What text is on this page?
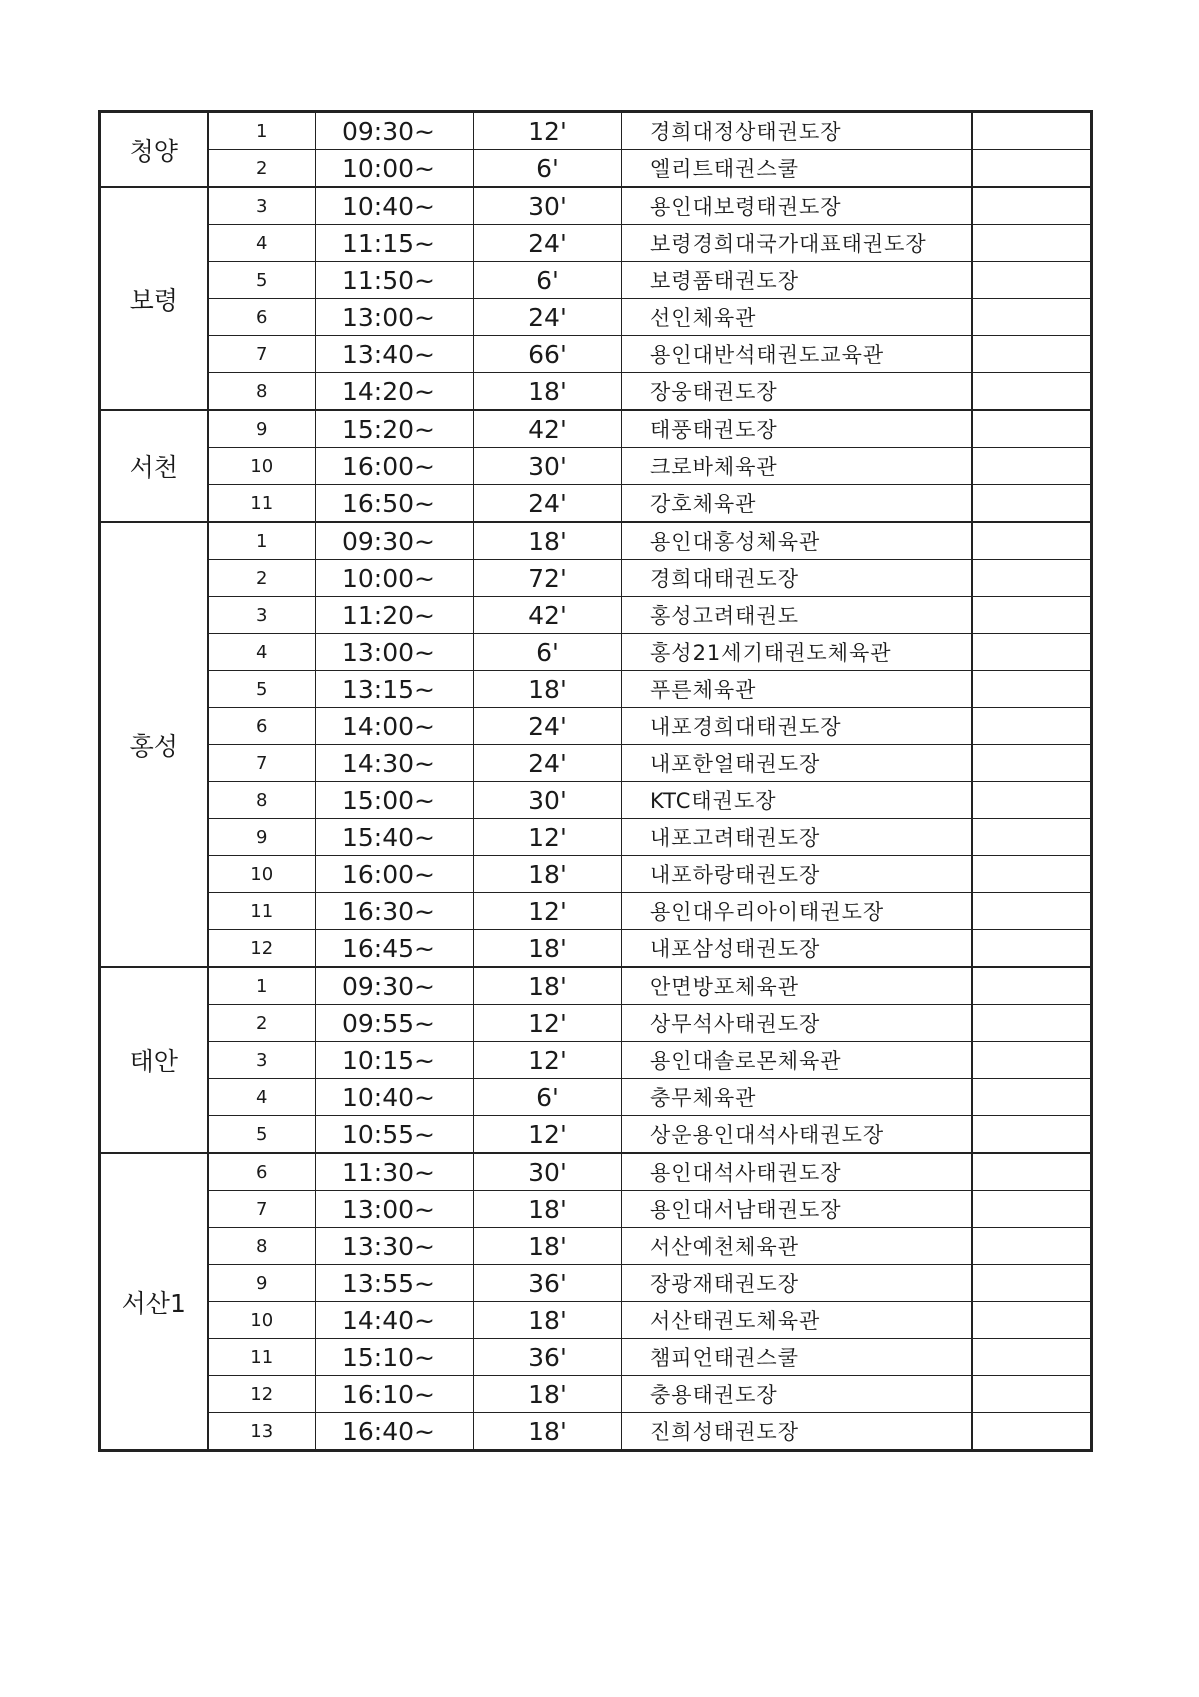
청양	1	09:30~	12'	경희대정상태권도장	
	2	10:00~	6'	엘리트태권스쿨	
보령	3	10:40~	30'	용인대보령태권도장	
	4	11:15~	24'	보령경희대국가대표태권도장	
	5	11:50~	6'	보령품태권도장	
	6	13:00~	24'	선인체육관	
	7	13:40~	66'	용인대반석태권도교육관	
	8	14:20~	18'	장웅태권도장	
서천	9	15:20~	42'	태풍태권도장	
	10	16:00~	30'	크로바체육관	
	11	16:50~	24'	강호체육관	
홍성	1	09:30~	18'	용인대홍성체육관	
	2	10:00~	72'	경희대태권도장	
	3	11:20~	42'	홍성고려태권도	
	4	13:00~	6'	홍성21세기태권도체육관	
	5	13:15~	18'	푸른체육관	
	6	14:00~	24'	내포경희대태권도장	
	7	14:30~	24'	내포한얼태권도장	
	8	15:00~	30'	KTC태권도장	
	9	15:40~	12'	내포고려태권도장	
	10	16:00~	18'	내포하랑태권도장	
	11	16:30~	12'	용인대우리아이태권도장	
	12	16:45~	18'	내포삼성태권도장	
태안	1	09:30~	18'	안면방포체육관	
	2	09:55~	12'	상무석사태권도장	
	3	10:15~	12'	용인대솔로몬체육관	
	4	10:40~	6'	충무체육관	
	5	10:55~	12'	상운용인대석사태권도장	
서산1	6	11:30~	30'	용인대석사태권도장	
	7	13:00~	18'	용인대서남태권도장	
	8	13:30~	18'	서산예천체육관	
	9	13:55~	36'	장광재태권도장	
	10	14:40~	18'	서산태권도체육관	
	11	15:10~	36'	챔피언태권스쿨	
	12	16:10~	18'	충용태권도장	
	13	16:40~	18'	진희성태권도장	
